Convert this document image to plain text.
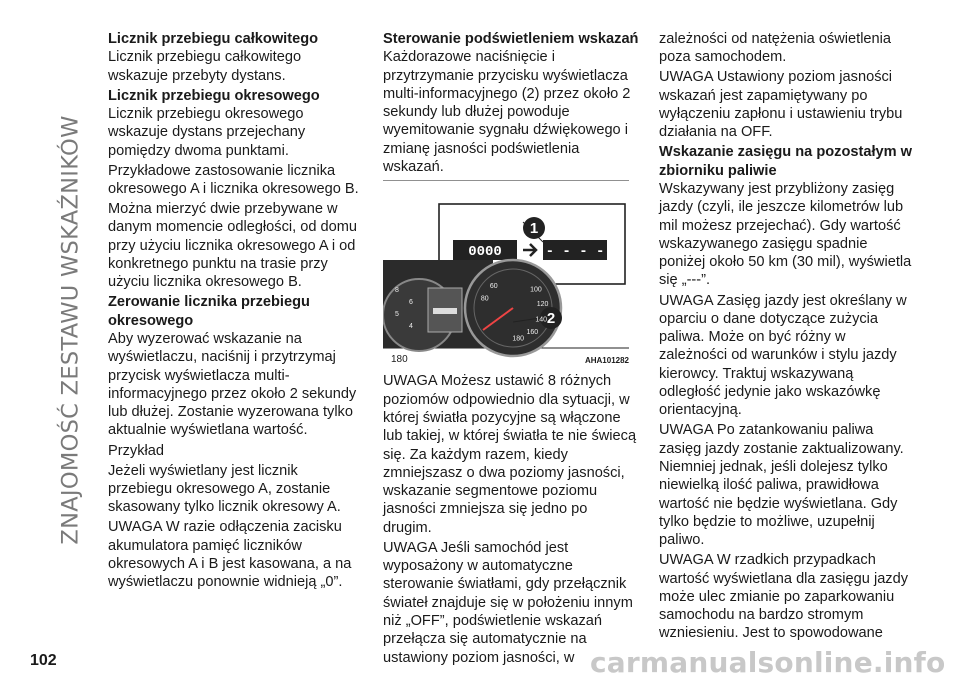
ZNAJOMOŚĆ ZESTAWU WSKAŹNIKÓW
Licznik przebiegu całkowitego

Licznik przebiegu całkowitego wskazuje przebyty dystans.

Licznik przebiegu okresowego

Licznik przebiegu okresowego wskazuje dystans przejechany pomiędzy dwoma punktami.

Przykładowe zastosowanie licznika okresowego A i licznika okresowego B.

Można mierzyć dwie przebywane w danym momencie odległości, od domu przy użyciu licznika okresowego A i od konkretnego punktu na trasie przy użyciu licznika okresowego B.

Zerowanie licznika przebiegu okresowego

Aby wyzerować wskazanie na wyświetlaczu, naciśnij i przytrzymaj przycisk wyświetlacza multi-informacyjnego przez około 2 sekundy lub dłużej. Zostanie wyzerowana tylko aktualnie wyświetlana wartość.

Przykład

Jeżeli wyświetlany jest licznik przebiegu okresowego A, zostanie skasowany tylko licznik okresowy A.

UWAGA W razie odłączenia zacisku akumulatora pamięć liczników okresowych A i B jest kasowana, a na wyświetlaczu ponownie widnieją „0”.

Sterowanie podświetleniem wskazań

Każdorazowe naciśnięcie i przytrzymanie przycisku wyświetlacza multi-informacyjnego (2) przez około 2 sekundy lub dłużej powoduje wyemitowanie sygnału dźwiękowego i zmianę jasności podświetlenia wskazań.

0000	- - - -
1
2
100
120
140
160
180
80
60
8
6
5
4
180	AHA101282

UWAGA Możesz ustawić 8 różnych poziomów odpowiednio dla sytuacji, w której światła pozycyjne są włączone lub takiej, w której światła te nie świecą się. Za każdym razem, kiedy zmniejszasz o dwa poziomy jasności, wskazanie segmentowe poziomu jasności zmniejsza się jedno po drugim.

UWAGA Jeśli samochód jest wyposażony w automatyczne sterowanie światłami, gdy przełącznik świateł znajduje się w położeniu innym niż „OFF”, podświetlenie wskazań przełącza się automatycznie na ustawiony poziom jasności, w

zależności od natężenia oświetlenia poza samochodem.

UWAGA Ustawiony poziom jasności wskazań jest zapamiętywany po wyłączeniu zapłonu i ustawieniu trybu działania na OFF.

Wskazanie zasięgu na pozostałym w zbiorniku paliwie

Wskazywany jest przybliżony zasięg jazdy (czyli, ile jeszcze kilometrów lub mil możesz przejechać). Gdy wartość wskazywanego zasięgu spadnie poniżej około 50 km (30 mil), wyświetla się „---”.

UWAGA Zasięg jazdy jest określany w oparciu o dane dotyczące zużycia paliwa. Może on być różny w zależności od warunków i stylu jazdy kierowcy. Traktuj wskazywaną odległość jedynie jako wskazówkę orientacyjną.

UWAGA Po zatankowaniu paliwa zasięg jazdy zostanie zaktualizowany. Niemniej jednak, jeśli dolejesz tylko niewielką ilość paliwa, prawidłowa wartość nie będzie wyświetlana. Gdy tylko będzie to możliwe, uzupełnij paliwo.

UWAGA W rzadkich przypadkach wartość wyświetlana dla zasięgu jazdy może ulec zmianie po zaparkowaniu samochodu na bardzo stromym wzniesieniu. Jest to spowodowane

102	carmanualsonline.info
